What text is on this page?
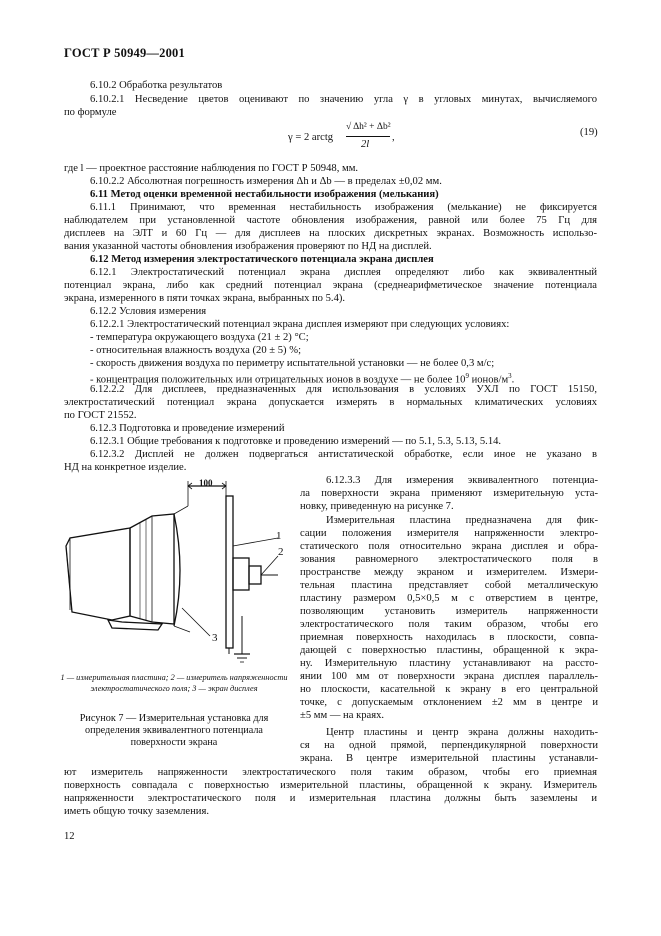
ГОСТ Р 50949—2001
6.10.2 Обработка результатов
6.10.2.1 Несведение цветов оценивают по значению угла γ в угловых минутах, вычисляемого
по формуле
γ = 2 arctg
√ Δh² + Δb²
2l
,	(19)
где l — проектное расстояние наблюдения по ГОСТ Р 50948, мм.
6.10.2.2 Абсолютная погрешность измерения Δh и Δb — в пределах ±0,02 мм.
6.11 Метод оценки временной нестабильности изображения (мелькания)
6.11.1 Принимают, что временная нестабильность изображения (мелькание) не фиксируется
наблюдателем при установленной частоте обновления изображения, равной или более 75 Гц для
дисплеев на ЭЛТ и 60 Гц — для дисплеев на плоских дискретных экранах. Возможность использо-
вания указанной частоты обновления изображения проверяют по НД на дисплей.
6.12 Метод измерения электростатического потенциала экрана дисплея
6.12.1 Электростатический потенциал экрана дисплея определяют либо как эквивалентный
потенциал экрана, либо как средний потенциал экрана (среднеарифметическое значение потенциала
экрана, измеренного в пяти точках экрана, выбранных по 5.4).
6.12.2 Условия измерения
6.12.2.1 Электростатический потенциал экрана дисплея измеряют при следующих условиях:
- температура окружающего воздуха (21 ± 2) °С;
- относительная влажность воздуха (20 ± 5) %;
- скорость движения воздуха по периметру испытательной установки — не более 0,3 м/с;
- концентрация положительных или отрицательных ионов в воздухе — не более $10^9$ ионов/$м^3$.
6.12.2.2 Для дисплеев, предназначенных для использования в условиях УХЛ по ГОСТ 15150,
электростатический потенциал экрана допускается измерять в нормальных климатических условиях
по ГОСТ 21552.
6.12.3 Подготовка и проведение измерений
6.12.3.1 Общие требования к подготовке и проведению измерений — по 5.1, 5.3, 5.13, 5.14.
6.12.3.2 Дисплей не должен подвергаться антистатической обработке, если иное не указано в
НД на конкретное изделие.
6.12.3.3 Для измерения эквивалентного потенциа-
ла поверхности экрана применяют измерительную уста-
новку, приведенную на рисунке 7.
Измерительная пластина предназначена для фик-
сации положения измерителя напряженности электро-
статического поля относительно экрана дисплея и обра-
зования равномерного электростатического поля в
пространстве между экраном и измерителем. Измери-
тельная пластина представляет собой металлическую
пластину размером 0,5×0,5 м с отверстием в центре,
позволяющим установить измеритель напряженности
электростатического поля таким образом, чтобы его
приемная поверхность находилась в плоскости, совпа-
дающей с поверхностью пластины, обращенной к экра-
ну. Измерительную пластину устанавливают на рассто-
янии 100 мм от поверхности экрана дисплея параллель-
но плоскости, касательной к экрану в его центральной
точке, с допускаемым отклонением ±2 мм в центре и
±5 мм — на краях.
Центр пластины и центр экрана должны находить-
ся на одной прямой, перпендикулярной поверхности
экрана. В центре измерительной пластины устанавли-
1
2
3
100
1 — измерительная пластина; 2 — измеритель напряженности электростатического поля; 3 — экран дисплея
Рисунок 7 — Измерительная установка для определения эквивалентного потенциала поверхности экрана
ют измеритель напряженности электростатического поля таким образом, чтобы его приемная
поверхность совпадала с поверхностью измерительной пластины, обращенной к экрану. Измеритель
напряженности электростатического поля и измерительная пластина должны быть заземлены и
иметь общую точку заземления.
12
